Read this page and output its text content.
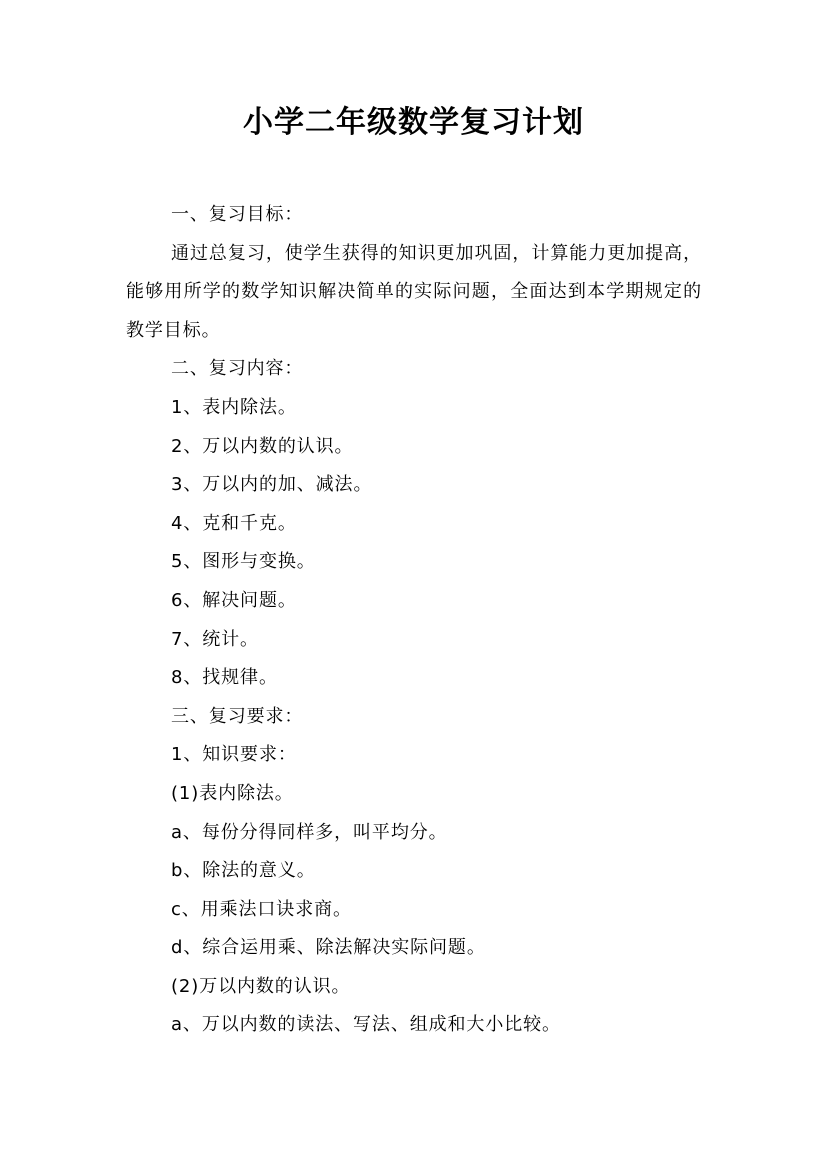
小学二年级数学复习计划
一、复习目标：
通过总复习，使学生获得的知识更加巩固，计算能力更加提高，能够用所学的数学知识解决简单的实际问题，全面达到本学期规定的教学目标。
二、复习内容：
1、表内除法。
2、万以内数的认识。
3、万以内的加、减法。
4、克和千克。
5、图形与变换。
6、解决问题。
7、统计。
8、找规律。
三、复习要求：
1、知识要求：
(1)表内除法。
a、每份分得同样多，叫平均分。
b、除法的意义。
c、用乘法口诀求商。
d、综合运用乘、除法解决实际问题。
(2)万以内数的认识。
a、万以内数的读法、写法、组成和大小比较。
